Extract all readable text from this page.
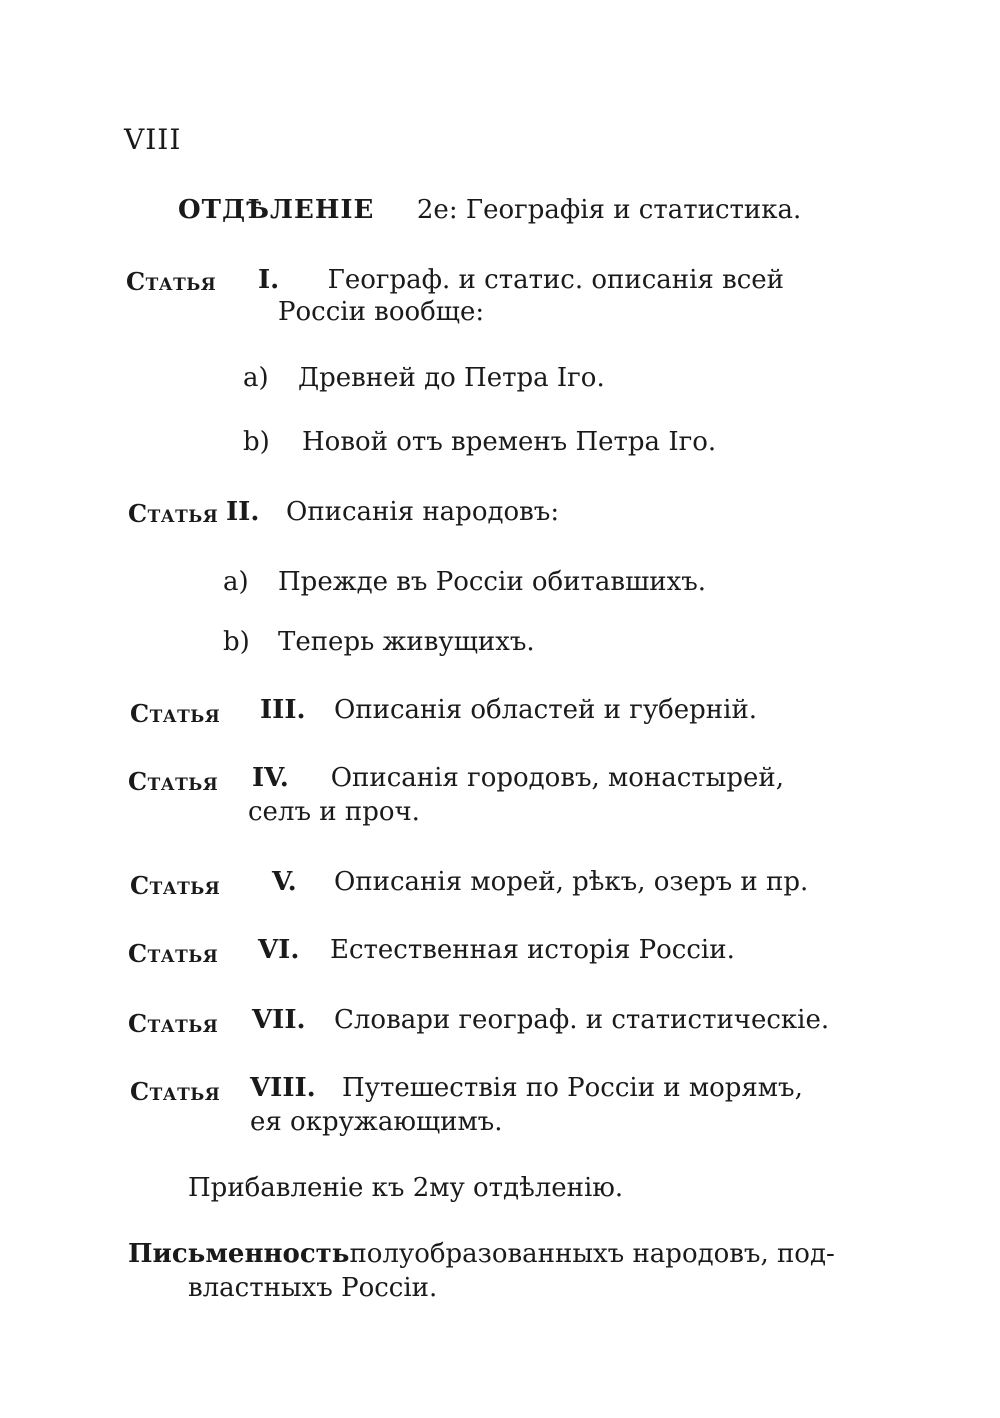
VIII
ОТДѢЛЕНІЕ 2е: Географія и статистика.
Статья I. Географ. и статис. описанія всей
Россіи вообще:
a) Древней до Петра Iго.
b) Новой отъ временъ Петра Iго.
Статья II. Описанія народовъ:
a) Прежде въ Россіи обитавшихъ.
b) Теперь живущихъ.
Статья III. Описанія областей и губерній.
Статья IV. Описанія городовъ, монастырей,
селъ и проч.
Статья V. Описанія морей, рѣкъ, озеръ и пр.
Статья VI. Естественная исторія Россіи.
Статья VII. Словари географ. и статистическіе.
Статья VIII. Путешествія по Россіи и морямъ,
ея окружающимъ.
Прибавленіе къ 2му отдѣленію.
Письменность полуобразованныхъ народовъ, под-
властныхъ Россіи.
